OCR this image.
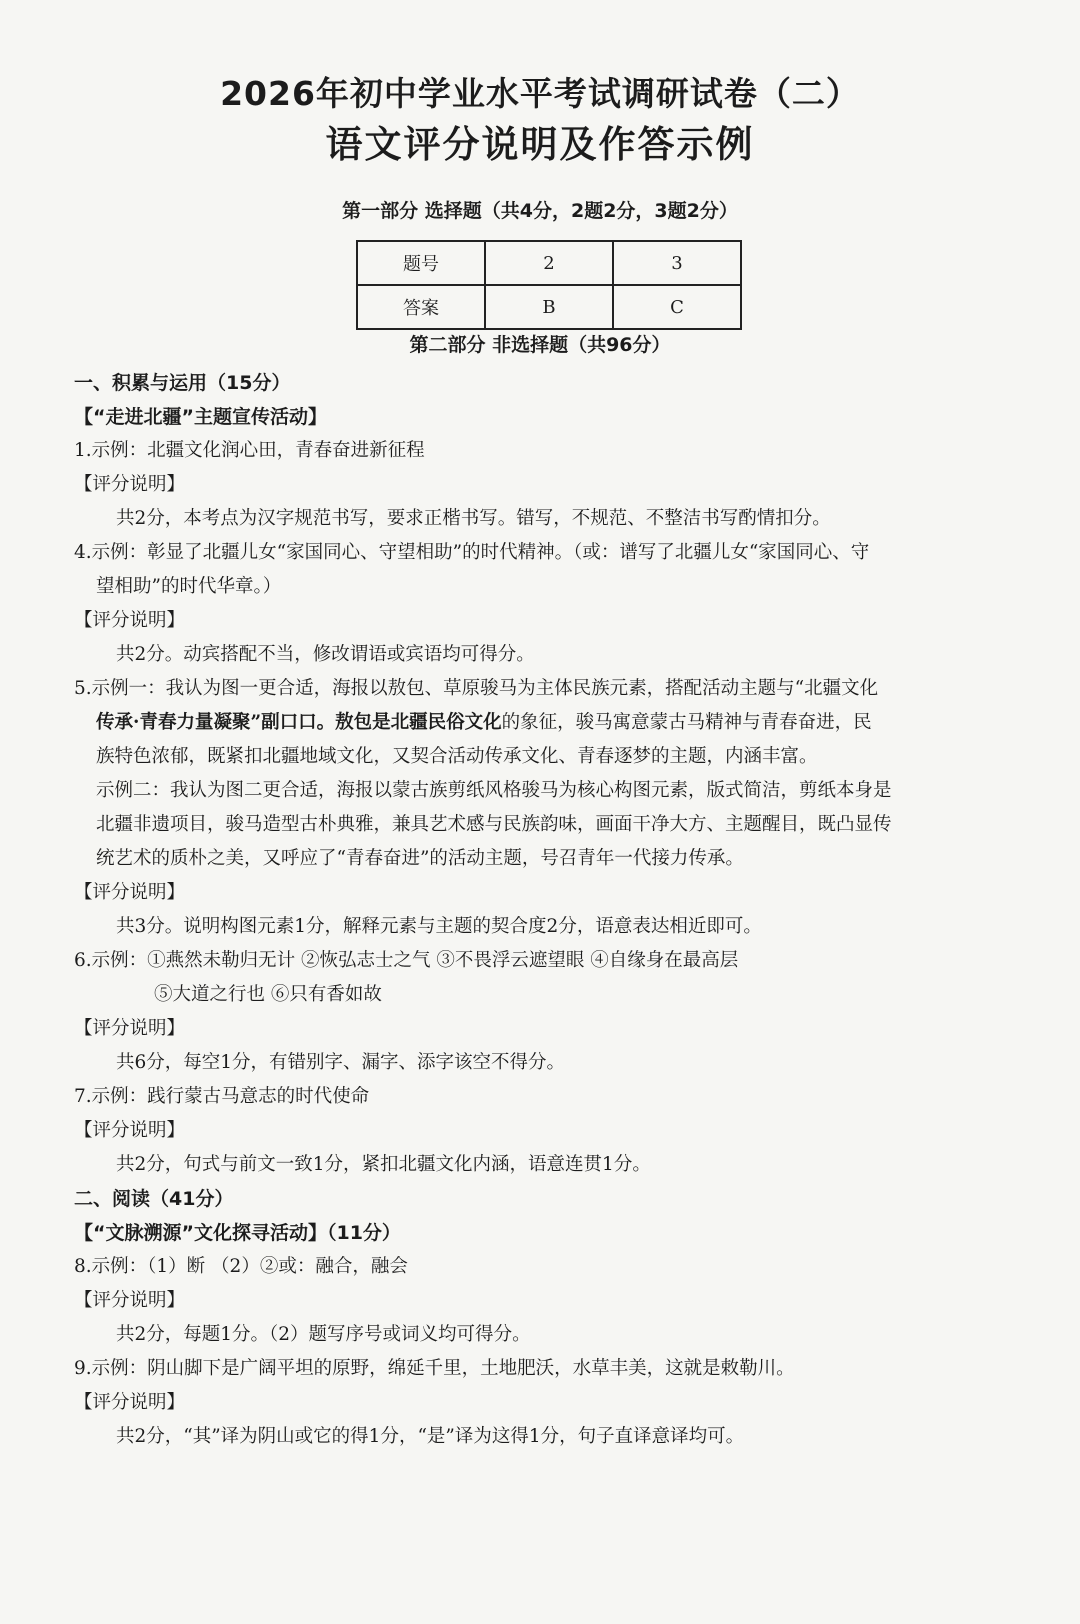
2026年初中学业水平考试调研试卷（二）
语文评分说明及作答示例
第一部分 选择题（共4分，2题2分，3题2分）
题号	2	3
答案	B	C
第二部分 非选择题（共96分）
一、积累与运用（15分）
【“走进北疆”主题宣传活动】
1.示例：北疆文化润心田，青春奋进新征程
【评分说明】
共2分，本考点为汉字规范书写，要求正楷书写。错写，不规范、不整洁书写酌情扣分。
4.示例：彰显了北疆儿女“家国同心、守望相助”的时代精神。（或：谱写了北疆儿女“家国同心、守
望相助”的时代华章。）
【评分说明】
共2分。动宾搭配不当，修改谓语或宾语均可得分。
5.示例一：我认为图一更合适，海报以敖包、草原骏马为主体民族元素，搭配活动主题与“北疆文化
传承·青春力量凝聚”副口口。敖包是北疆民俗文化的象征，骏马寓意蒙古马精神与青春奋进，民
族特色浓郁，既紧扣北疆地域文化，又契合活动传承文化、青春逐梦的主题，内涵丰富。
示例二：我认为图二更合适，海报以蒙古族剪纸风格骏马为核心构图元素，版式简洁，剪纸本身是
北疆非遗项目，骏马造型古朴典雅，兼具艺术感与民族韵味，画面干净大方、主题醒目，既凸显传
统艺术的质朴之美，又呼应了“青春奋进”的活动主题，号召青年一代接力传承。
【评分说明】
共3分。说明构图元素1分，解释元素与主题的契合度2分，语意表达相近即可。
6.示例：①燕然未勒归无计 ②恢弘志士之气 ③不畏浮云遮望眼 ④自缘身在最高层
⑤大道之行也 ⑥只有香如故
【评分说明】
共6分，每空1分，有错别字、漏字、添字该空不得分。
7.示例：践行蒙古马意志的时代使命
【评分说明】
共2分，句式与前文一致1分，紧扣北疆文化内涵，语意连贯1分。
二、阅读（41分）
【“文脉溯源”文化探寻活动】（11分）
8.示例：（1）断 （2）②或：融合，融会
【评分说明】
共2分，每题1分。（2）题写序号或词义均可得分。
9.示例：阴山脚下是广阔平坦的原野，绵延千里，土地肥沃，水草丰美，这就是敕勒川。
【评分说明】
共2分，“其”译为阴山或它的得1分，“是”译为这得1分，句子直译意译均可。
